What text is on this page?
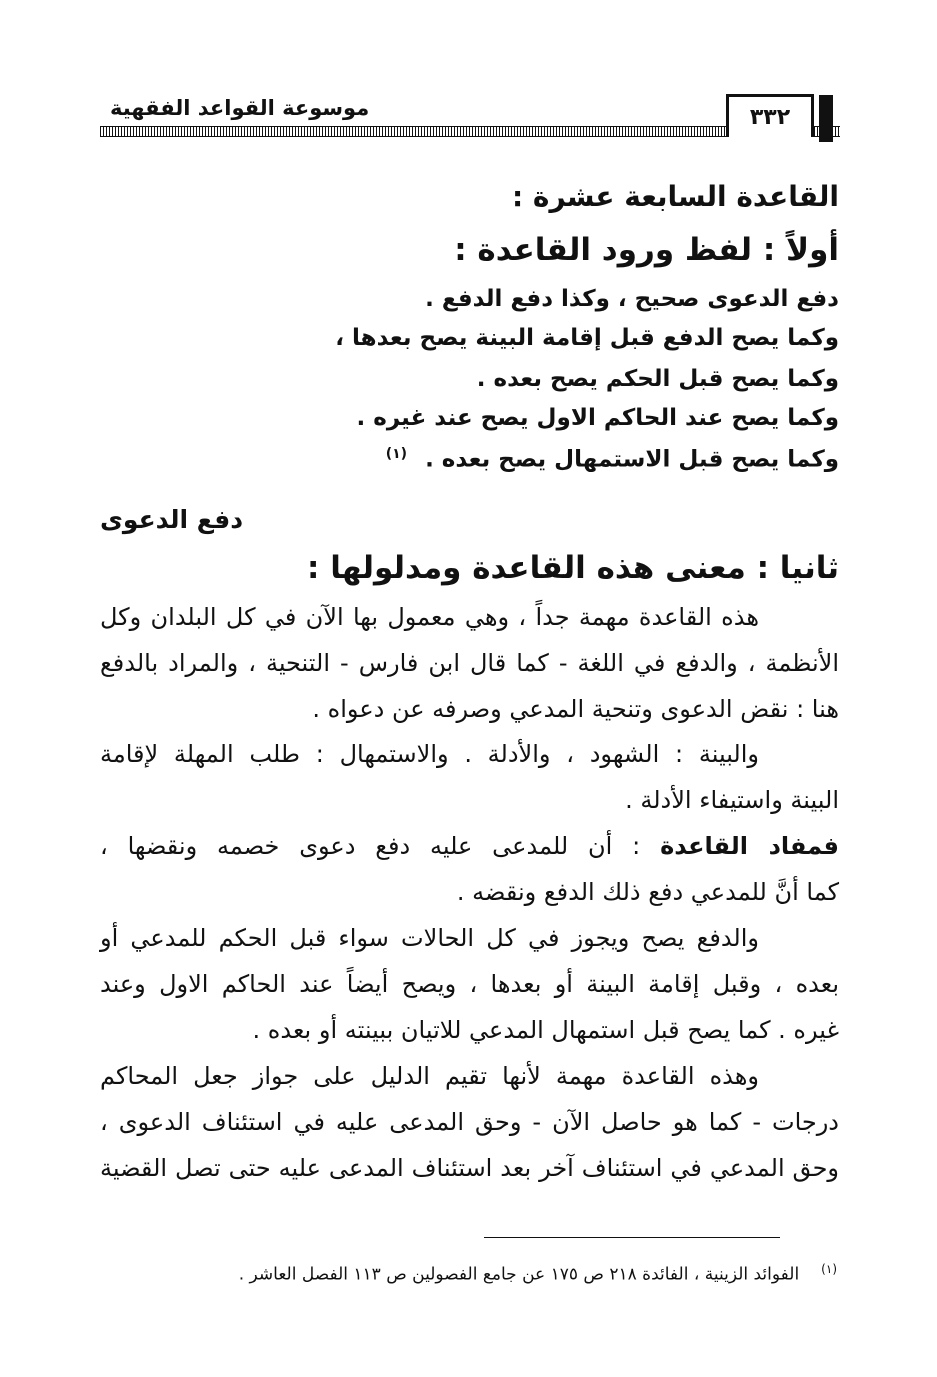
٣٣٢
موسوعة القواعد الفقهية
القاعدة السابعة عشرة :
أولاً : لفظ ورود القاعدة :
دفع الدعوى صحيح ، وكذا دفع الدفع .
وكما يصح الدفع قبل إقامة البينة يصح بعدها ،
وكما يصح قبل الحكم يصح بعده .
وكما يصح عند الحاكم الاول يصح عند غيره .
وكما يصح قبل الاستمهال يصح بعده .$^{(١)}$
دفع الدعوى
ثانيا : معنى هذه القاعدة ومدلولها :
هذه القاعدة مهمة جداً ، وهي معمول بها الآن في كل البلدان وكل
الأنظمة ، والدفع في اللغة - كما قال ابن فارس - التنحية ، والمراد بالدفع
هنا : نقض الدعوى وتنحية المدعي وصرفه عن دعواه .
والبينة : الشهود ، والأدلة . والاستمهال : طلب المهلة لإقامة
البينة واستيفاء الأدلة .
فمفاد القاعدة : أن للمدعى عليه دفع دعوى خصمه ونقضها ،
كما أنَّ للمدعي دفع ذلك الدفع ونقضه .
والدفع يصح ويجوز في كل الحالات سواء قبل الحكم للمدعي أو
بعده ، وقبل إقامة البينة أو بعدها ، ويصح أيضاً عند الحاكم الاول وعند
غيره . كما يصح قبل استمهال المدعي للاتيان ببينته أو بعده .
وهذه القاعدة مهمة لأنها تقيم الدليل على جواز جعل المحاكم
درجات - كما هو حاصل الآن - وحق المدعى عليه في استئناف الدعوى ،
وحق المدعي في استئناف آخر بعد استئناف المدعى عليه حتى تصل القضية
$^{(١)}$الفوائد الزينية ، الفائدة ٢١٨ ص ١٧٥ عن جامع الفصولين ص ١١٣ الفصل العاشر .
